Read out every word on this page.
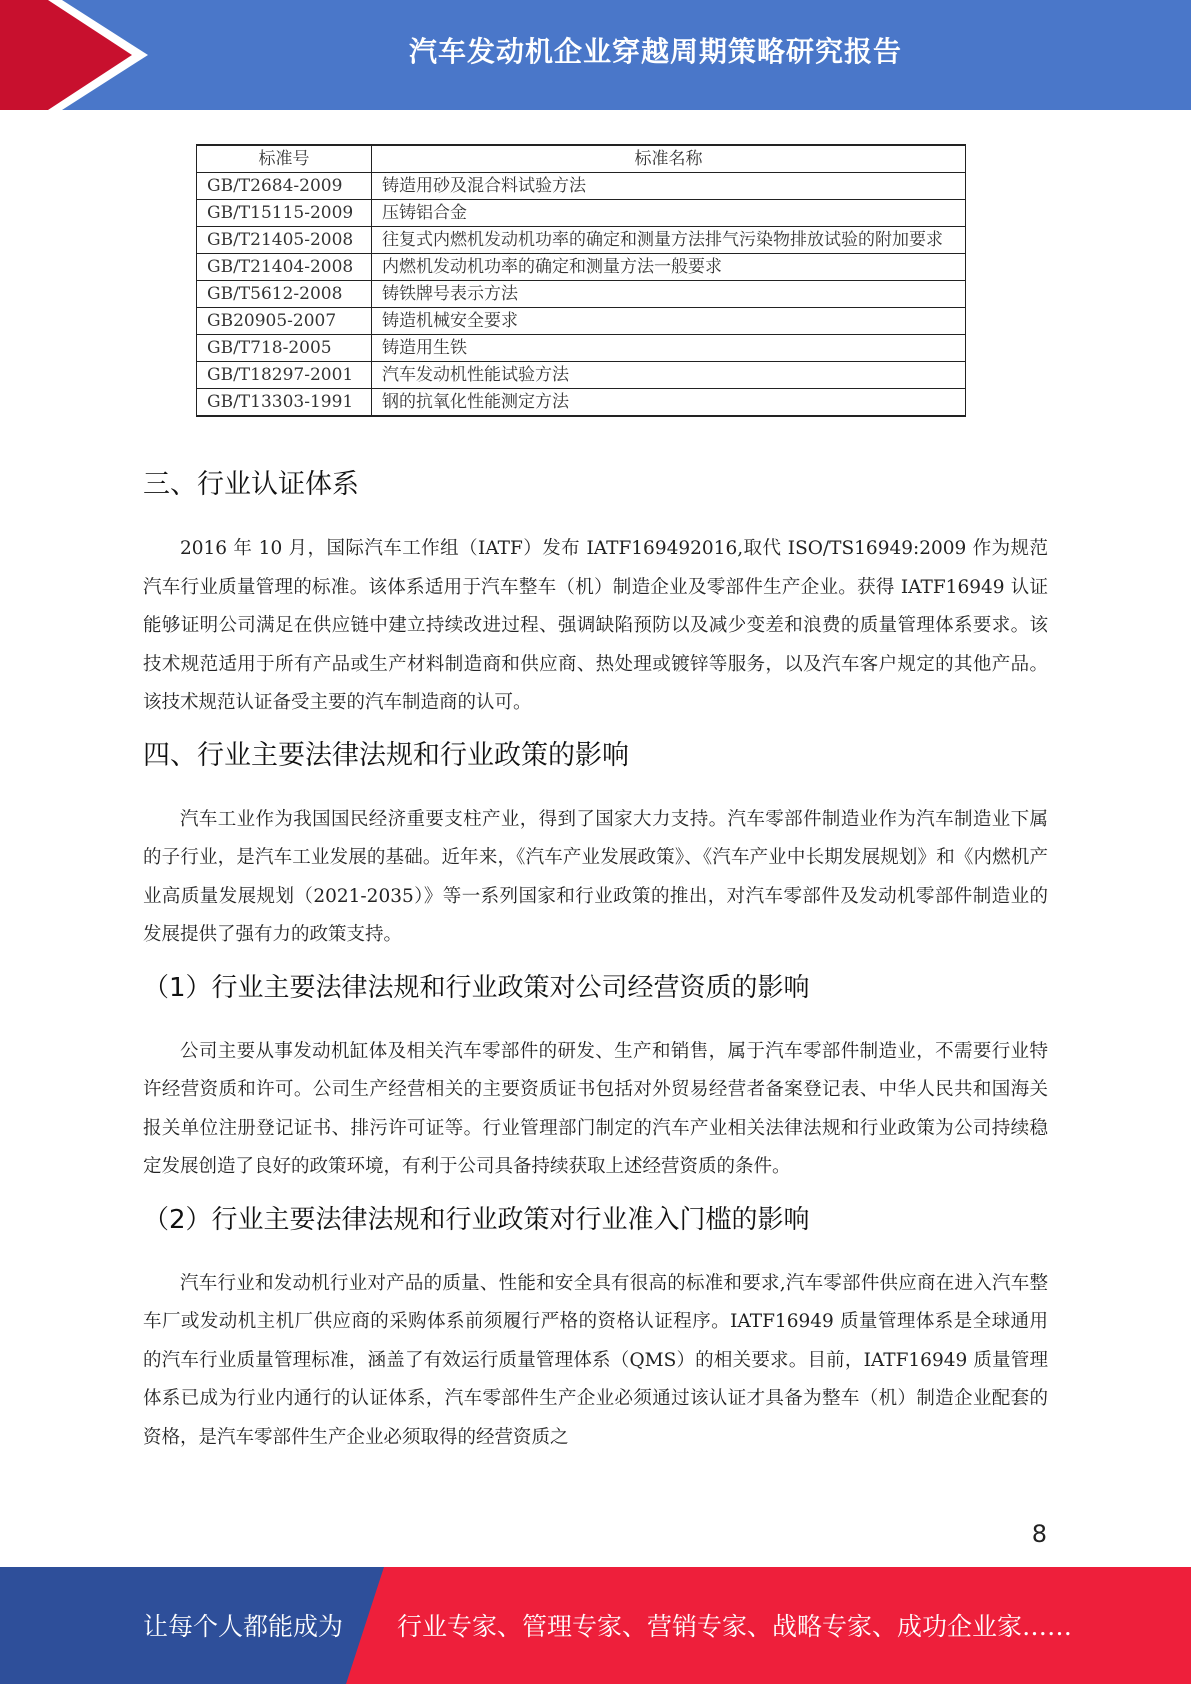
汽车发动机企业穿越周期策略研究报告
标准号	标准名称
GB/T2684-2009	铸造用砂及混合料试验方法
GB/T15115-2009	压铸铝合金
GB/T21405-2008	往复式内燃机发动机功率的确定和测量方法排气污染物排放试验的附加要求
GB/T21404-2008	内燃机发动机功率的确定和测量方法一般要求
GB/T5612-2008	铸铁牌号表示方法
GB20905-2007	铸造机械安全要求
GB/T718-2005	铸造用生铁
GB/T18297-2001	汽车发动机性能试验方法
GB/T13303-1991	钢的抗氧化性能测定方法
三、行业认证体系

2016 年 10 月，国际汽车工作组（IATF）发布 IATF169492016,取代 ISO/TS16949:2009 作为规范汽车行业质量管理的标准。该体系适用于汽车整车（机）制造企业及零部件生产企业。获得 IATF16949 认证能够证明公司满足在供应链中建立持续改进过程、强调缺陷预防以及减少变差和浪费的质量管理体系要求。该技术规范适用于所有产品或生产材料制造商和供应商、热处理或镀锌等服务，以及汽车客户规定的其他产品。该技术规范认证备受主要的汽车制造商的认可。

四、行业主要法律法规和行业政策的影响

汽车工业作为我国国民经济重要支柱产业，得到了国家大力支持。汽车零部件制造业作为汽车制造业下属的子行业，是汽车工业发展的基础。近年来，《汽车产业发展政策》、《汽车产业中长期发展规划》和《内燃机产业高质量发展规划（2021-2035）》等一系列国家和行业政策的推出，对汽车零部件及发动机零部件制造业的发展提供了强有力的政策支持。

（1）行业主要法律法规和行业政策对公司经营资质的影响

公司主要从事发动机缸体及相关汽车零部件的研发、生产和销售，属于汽车零部件制造业，不需要行业特许经营资质和许可。公司生产经营相关的主要资质证书包括对外贸易经营者备案登记表、中华人民共和国海关报关单位注册登记证书、排污许可证等。行业管理部门制定的汽车产业相关法律法规和行业政策为公司持续稳定发展创造了良好的政策环境，有利于公司具备持续获取上述经营资质的条件。

（2）行业主要法律法规和行业政策对行业准入门槛的影响

汽车行业和发动机行业对产品的质量、性能和安全具有很高的标准和要求,汽车零部件供应商在进入汽车整车厂或发动机主机厂供应商的采购体系前须履行严格的资格认证程序。IATF16949 质量管理体系是全球通用的汽车行业质量管理标准，涵盖了有效运行质量管理体系（QMS）的相关要求。目前，IATF16949 质量管理体系已成为行业内通行的认证体系，汽车零部件生产企业必须通过该认证才具备为整车（机）制造企业配套的资格，是汽车零部件生产企业必须取得的经营资质之

8
让每个人都能成为 行业专家、管理专家、营销专家、战略专家、成功企业家……
